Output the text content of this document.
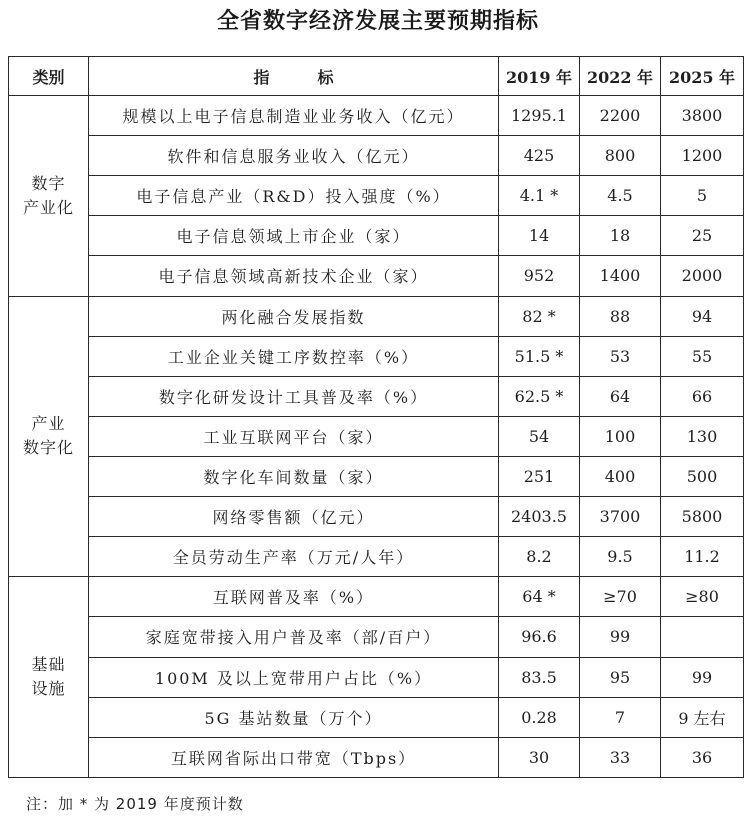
全省数字经济发展主要预期指标
类别	指　　　标	2019 年	2022 年	2025 年

数字
产业化	规模以上电子信息制造业业务收入（亿元）	1295.1	2200	3800
	软件和信息服务业收入（亿元）	425	800	1200
	电子信息产业（R&D）投入强度（%）	4.1 *	4.5	5
	电子信息领域上市企业（家）	14	18	25
	电子信息领域高新技术企业（家）	952	1400	2000

产业
数字化	两化融合发展指数	82 *	88	94
	工业企业关键工序数控率（%）	51.5 *	53	55
	数字化研发设计工具普及率（%）	62.5 *	64	66
	工业互联网平台（家）	54	100	130
	数字化车间数量（家）	251	400	500
	网络零售额（亿元）	2403.5	3700	5800
	全员劳动生产率（万元/人年）	8.2	9.5	11.2

基础
设施	互联网普及率（%）	64 *	≥70	≥80
	家庭宽带接入用户普及率（部/百户）	96.6	99	
	100M 及以上宽带用户占比（%）	83.5	95	99
	5G 基站数量（万个）	0.28	7	9 左右
	互联网省际出口带宽（Tbps）	30	33	36
注：加 * 为 2019 年度预计数
